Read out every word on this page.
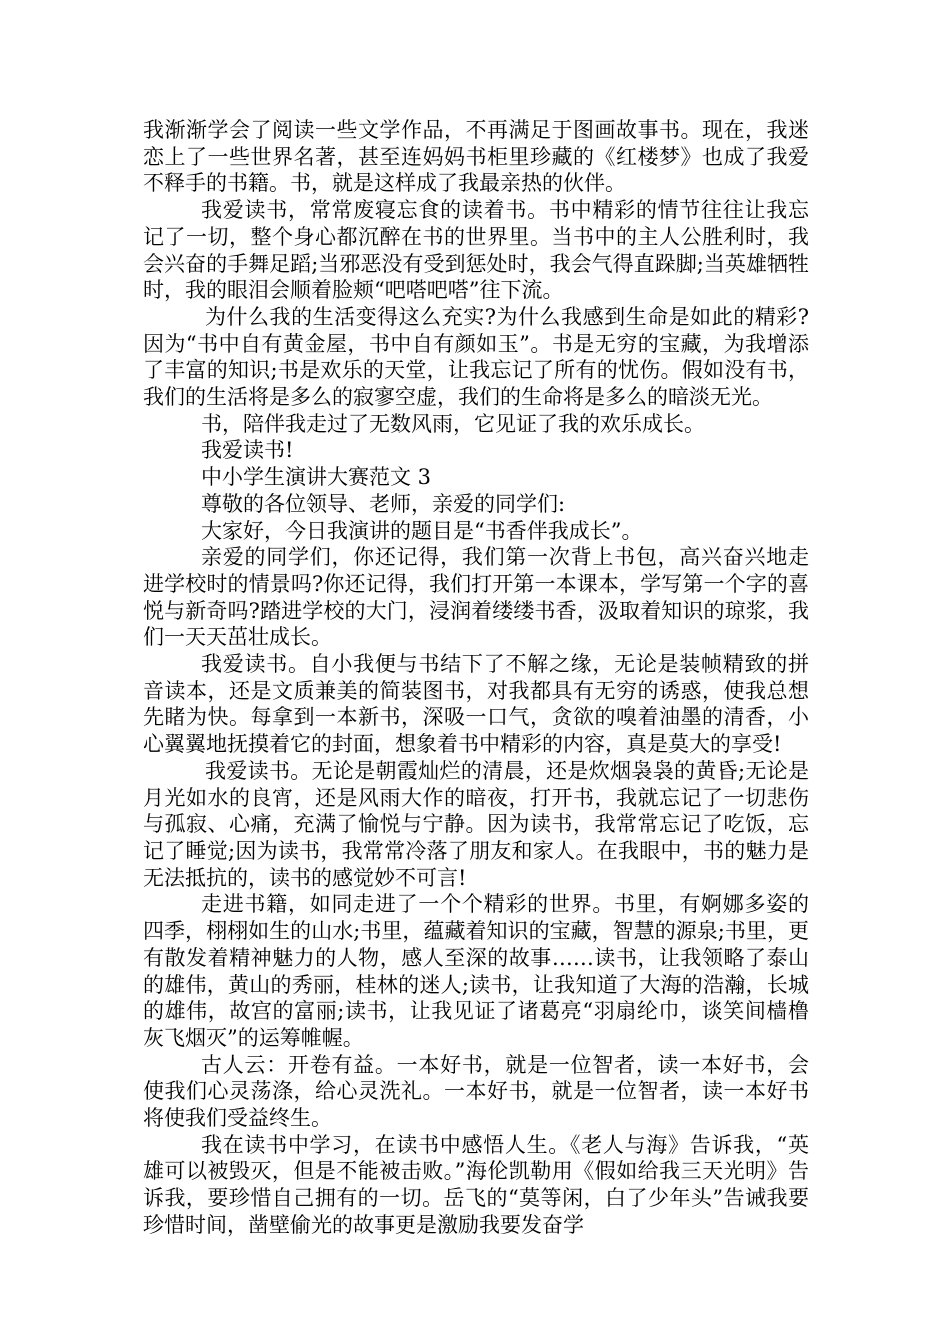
我渐渐学会了阅读一些文学作品，不再满足于图画故事书。现在，我迷恋上了一些世界名著，甚至连妈妈书柜里珍藏的《红楼梦》也成了我爱不释手的书籍。书，就是这样成了我最亲热的伙伴。

我爱读书，常常废寝忘食的读着书。书中精彩的情节往往让我忘记了一切，整个身心都沉醉在书的世界里。当书中的主人公胜利时，我会兴奋的手舞足蹈;当邪恶没有受到惩处时，我会气得直跺脚;当英雄牺牲时，我的眼泪会顺着脸颊“吧嗒吧嗒”往下流。

为什么我的生活变得这么充实?为什么我感到生命是如此的精彩?因为“书中自有黄金屋，书中自有颜如玉”。书是无穷的宝藏，为我增添了丰富的知识;书是欢乐的天堂，让我忘记了所有的忧伤。假如没有书，我们的生活将是多么的寂寥空虚，我们的生命将是多么的暗淡无光。

书，陪伴我走过了无数风雨，它见证了我的欢乐成长。

我爱读书!

中小学生演讲大赛范文 3

尊敬的各位领导、老师，亲爱的同学们:

大家好，今日我演讲的题目是“书香伴我成长”。

亲爱的同学们，你还记得，我们第一次背上书包，高兴奋兴地走进学校时的情景吗?你还记得，我们打开第一本课本，学写第一个字的喜悦与新奇吗?踏进学校的大门，浸润着缕缕书香，汲取着知识的琼浆，我们一天天茁壮成长。

我爱读书。自小我便与书结下了不解之缘，无论是装帧精致的拼音读本，还是文质兼美的简装图书，对我都具有无穷的诱惑，使我总想先睹为快。每拿到一本新书，深吸一口气，贪欲的嗅着油墨的清香，小心翼翼地抚摸着它的封面，想象着书中精彩的内容，真是莫大的享受!

我爱读书。无论是朝霞灿烂的清晨，还是炊烟袅袅的黄昏;无论是月光如水的良宵，还是风雨大作的暗夜，打开书，我就忘记了一切悲伤与孤寂、心痛，充满了愉悦与宁静。因为读书，我常常忘记了吃饭，忘记了睡觉;因为读书，我常常冷落了朋友和家人。在我眼中，书的魅力是无法抵抗的，读书的感觉妙不可言!

走进书籍，如同走进了一个个精彩的世界。书里，有婀娜多姿的四季，栩栩如生的山水;书里，蕴藏着知识的宝藏，智慧的源泉;书里，更有散发着精神魅力的人物，感人至深的故事……读书，让我领略了泰山的雄伟，黄山的秀丽，桂林的迷人;读书，让我知道了大海的浩瀚，长城的雄伟，故宫的富丽;读书，让我见证了诸葛亮“羽扇纶巾，谈笑间樯橹灰飞烟灭”的运筹帷幄。

古人云：开卷有益。一本好书，就是一位智者，读一本好书，会使我们心灵荡涤，给心灵洗礼。一本好书，就是一位智者，读一本好书将使我们受益终生。

我在读书中学习，在读书中感悟人生。《老人与海》告诉我，“英雄可以被毁灭，但是不能被击败。”海伦凯勒用《假如给我三天光明》告诉我，要珍惜自己拥有的一切。岳飞的“莫等闲，白了少年头”告诫我要珍惜时间，凿壁偷光的故事更是激励我要发奋学
